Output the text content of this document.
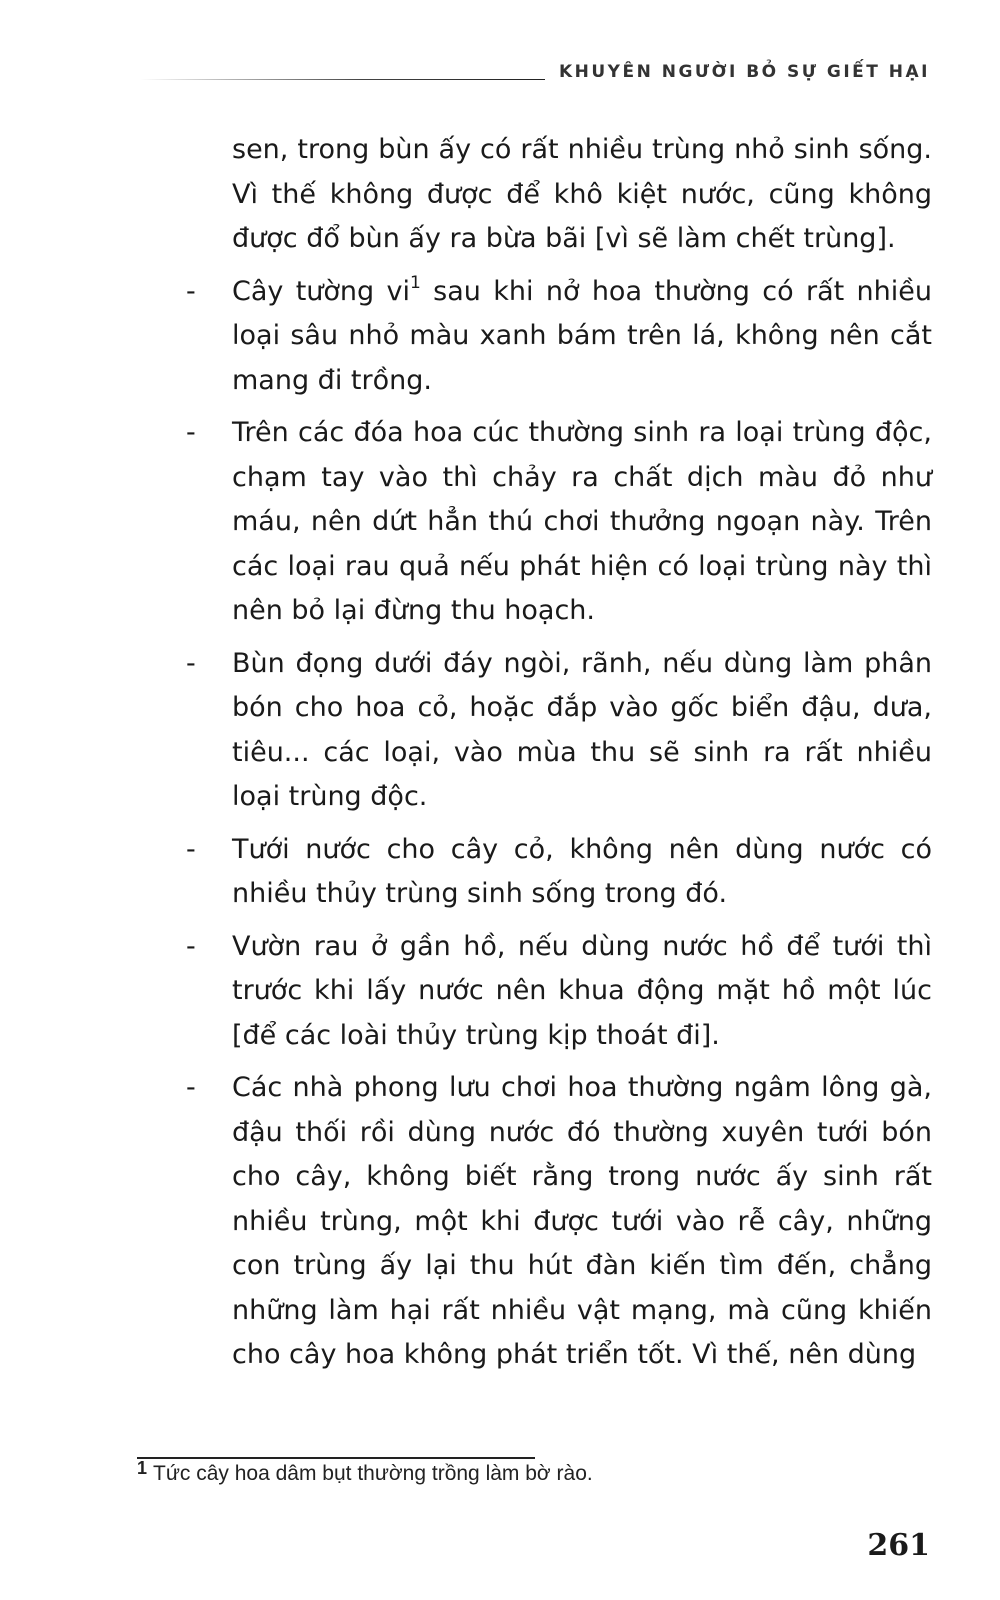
KHUYÊN NGƯỜI BỎ SỰ GIẾT HẠI

sen, trong bùn ấy có rất nhiều trùng nhỏ sinh sống. Vì thế không được để khô kiệt nước, cũng không được đổ bùn ấy ra bừa bãi [vì sẽ làm chết trùng].

-	Cây tường vi$^1$ sau khi nở hoa thường có rất nhiều loại sâu nhỏ màu xanh bám trên lá, không nên cắt mang đi trồng.
-	Trên các đóa hoa cúc thường sinh ra loại trùng độc, chạm tay vào thì chảy ra chất dịch màu đỏ như máu, nên dứt hẳn thú chơi thưởng ngoạn này. Trên các loại rau quả nếu phát hiện có loại trùng này thì nên bỏ lại đừng thu hoạch.
-	Bùn đọng dưới đáy ngòi, rãnh, nếu dùng làm phân bón cho hoa cỏ, hoặc đắp vào gốc biển đậu, dưa, tiêu... các loại, vào mùa thu sẽ sinh ra rất nhiều loại trùng độc.
-	Tưới nước cho cây cỏ, không nên dùng nước có nhiều thủy trùng sinh sống trong đó.
-	Vườn rau ở gần hồ, nếu dùng nước hồ để tưới thì trước khi lấy nước nên khua động mặt hồ một lúc [để các loài thủy trùng kịp thoát đi].
-	Các nhà phong lưu chơi hoa thường ngâm lông gà, đậu thối rồi dùng nước đó thường xuyên tưới bón cho cây, không biết rằng trong nước ấy sinh rất nhiều trùng, một khi được tưới vào rễ cây, những con trùng ấy lại thu hút đàn kiến tìm đến, chẳng những làm hại rất nhiều vật mạng, mà cũng khiến cho cây hoa không phát triển tốt. Vì thế, nên dùng
1 Tức cây hoa dâm bụt thường trồng làm bờ rào.
261
